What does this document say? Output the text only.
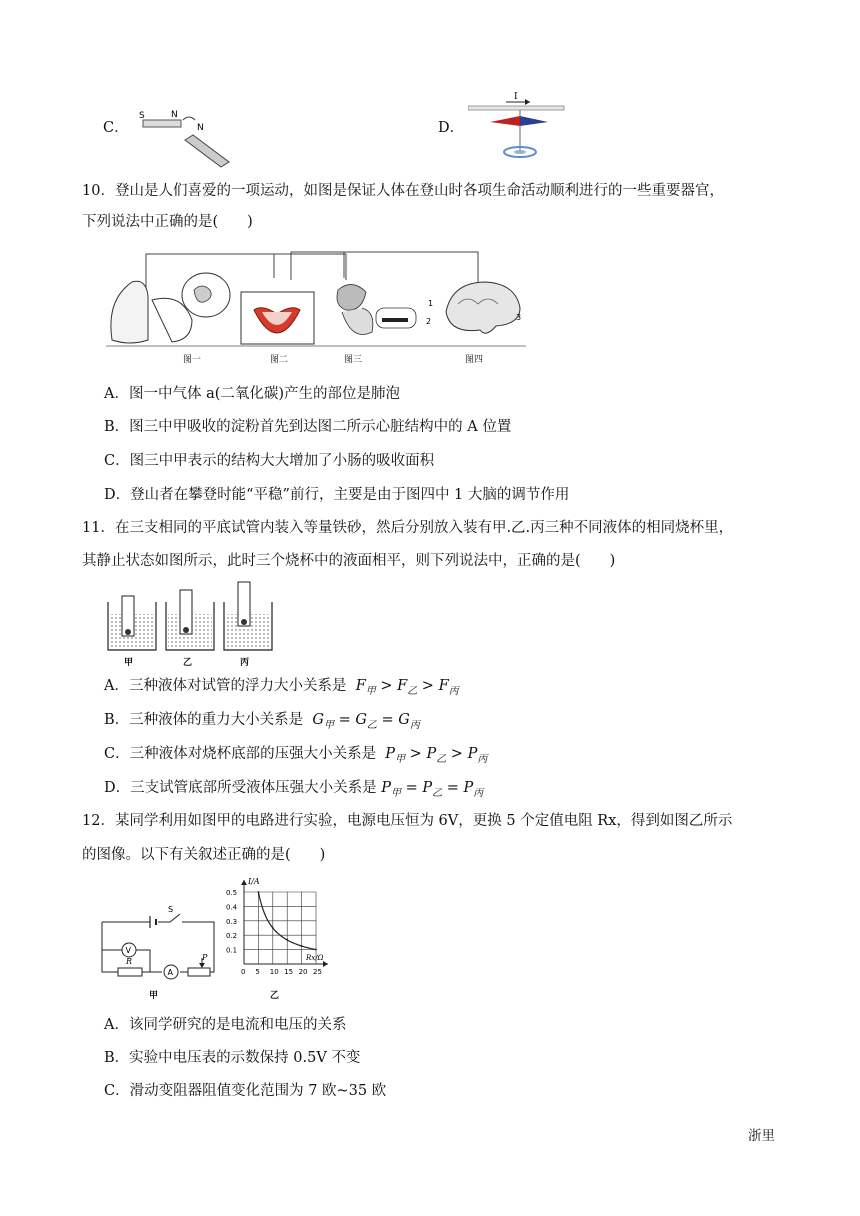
C．
S	N
N	D．
I
10．登山是人们喜爱的一项运动，如图是保证人体在登山时各项生命活动顺利进行的一些重要器官，
下列说法中正确的是(　　)
1
2	3
图一	图二	图三	图四
A．图一中气体 a(二氧化碳)产生的部位是肺泡
B．图三中甲吸收的淀粉首先到达图二所示心脏结构中的 A 位置
C．图三中甲表示的结构大大增加了小肠的吸收面积
D．登山者在攀登时能“平稳”前行，主要是由于图四中 1 大脑的调节作用
11．在三支相同的平底试管内装入等量铁砂，然后分别放入装有甲.乙.丙三种不同液体的相同烧杯里，
其静止状态如图所示，此时三个烧杯中的液面相平，则下列说法中，正确的是(　　)
甲	乙	丙
A．三种液体对试管的浮力大小关系是  $F_甲 > F_乙 > F_丙$
B．三种液体的重力大小关系是  $G_甲 = G_乙 = G_丙$
C．三种液体对烧杯底部的压强大小关系是  $P_甲 > P_乙 > P_丙$
D．三支试管底部所受液体压强大小关系是 $P_甲 = P_乙 = P_丙$
12．某同学利用如图甲的电路进行实验，电源电压恒为 6V，更换 5 个定值电阻 Rx，得到如图乙所示
的图像。以下有关叙述正确的是(　　)
S
R
A
P
V
甲
I/A
Rx/Ω
0 5 10 15 20 25
0.1
0.2
0.3
0.4
0.5
乙
A．该同学研究的是电流和电压的关系
B．实验中电压表的示数保持 0.5V 不变
C．滑动变阻器阻值变化范围为 7 欧~35 欧
浙里
